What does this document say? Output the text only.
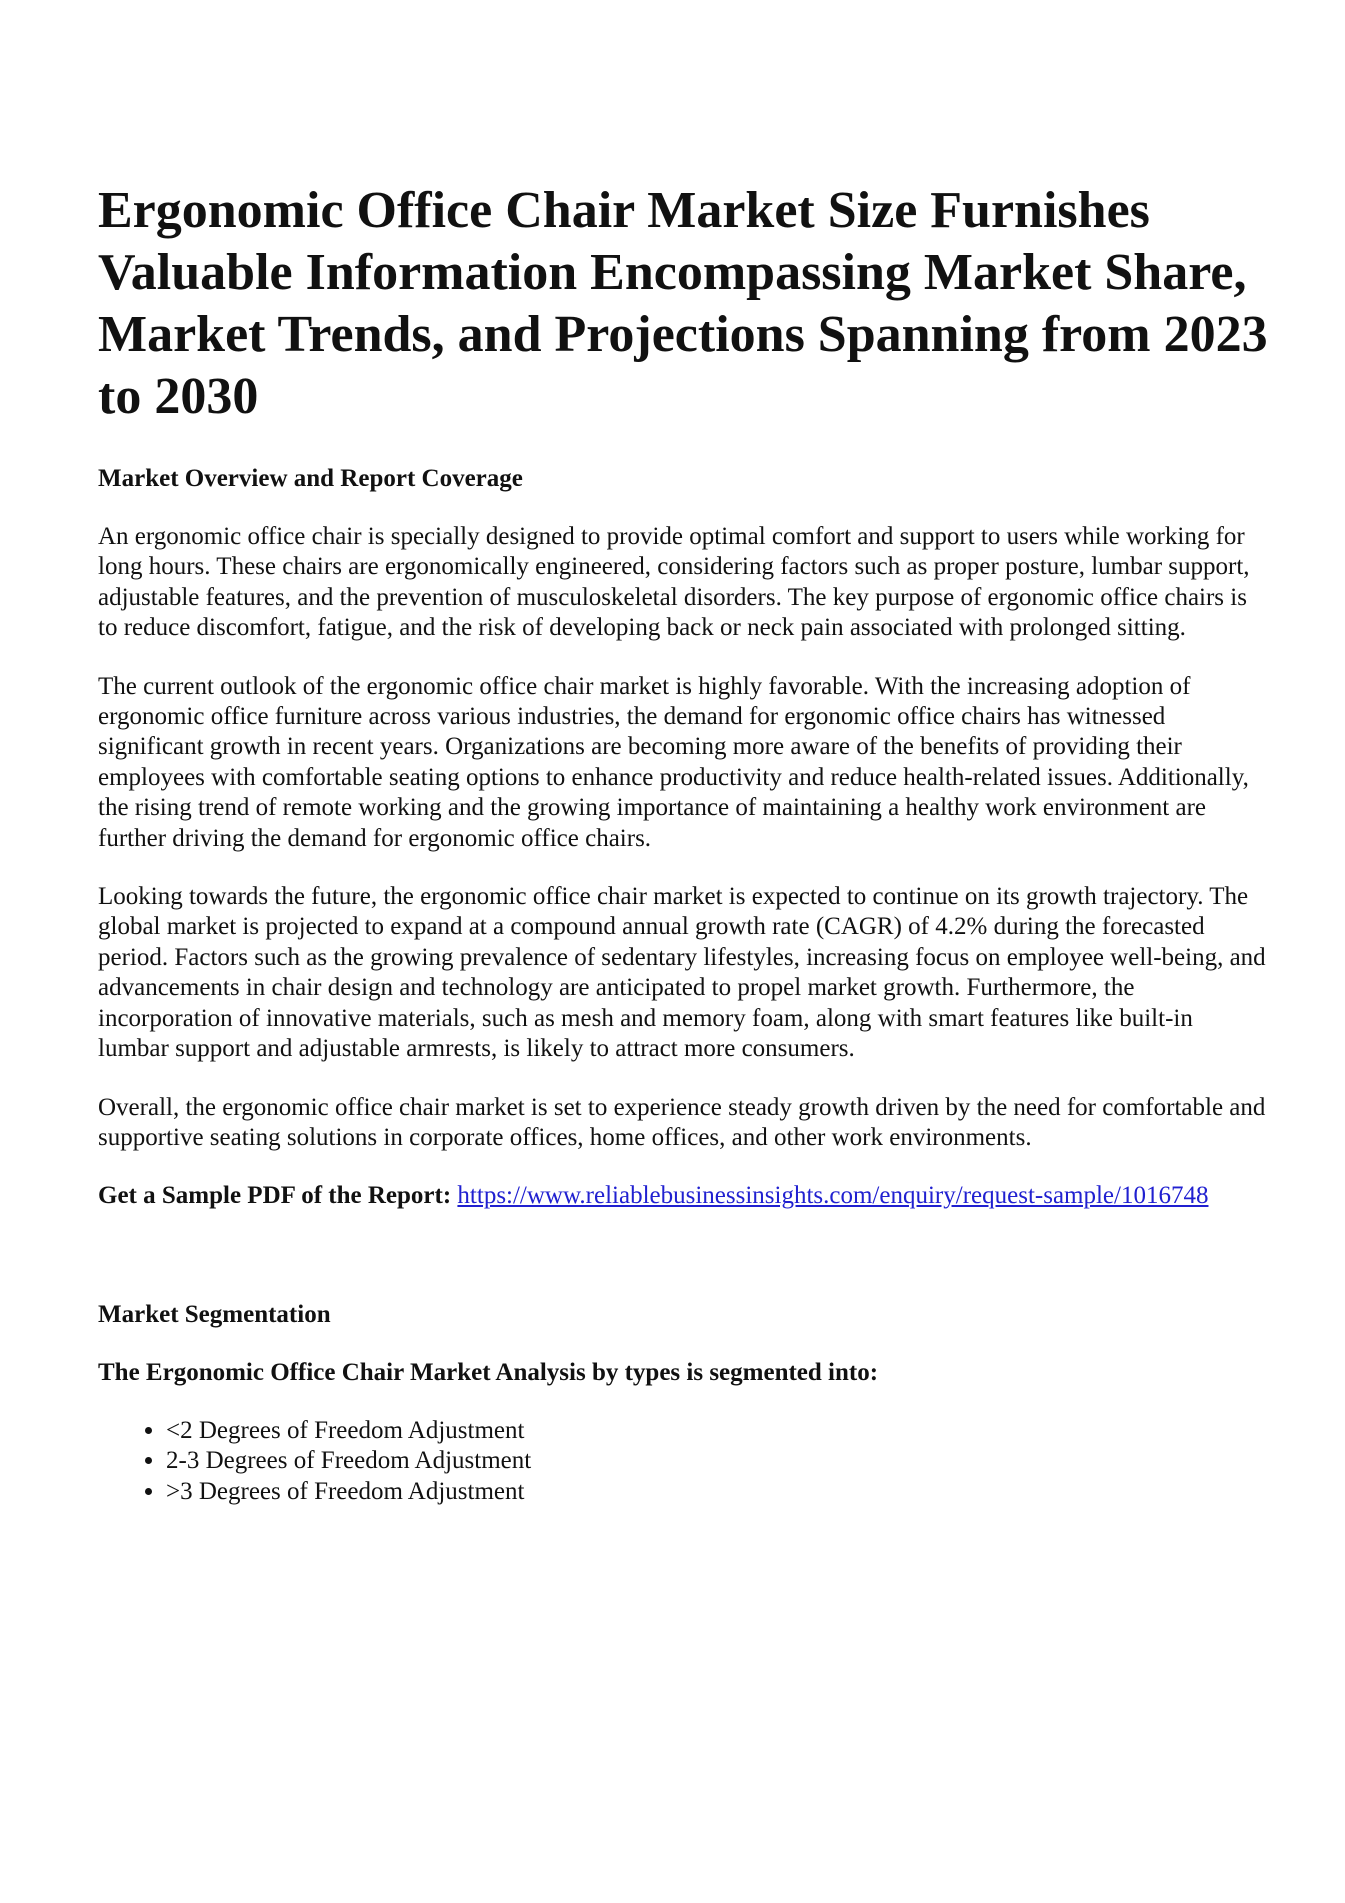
Ergonomic Office Chair Market Size Furnishes Valuable Information Encompassing Market Share, Market Trends, and Projections Spanning from 2023 to 2030
Market Overview and Report Coverage

An ergonomic office chair is specially designed to provide optimal comfort and support to users while working for long hours. These chairs are ergonomically engineered, considering factors such as proper posture, lumbar support, adjustable features, and the prevention of musculoskeletal disorders. The key purpose of ergonomic office chairs is to reduce discomfort, fatigue, and the risk of developing back or neck pain associated with prolonged sitting.

The current outlook of the ergonomic office chair market is highly favorable. With the increasing adoption of ergonomic office furniture across various industries, the demand for ergonomic office chairs has witnessed significant growth in recent years. Organizations are becoming more aware of the benefits of providing their employees with comfortable seating options to enhance productivity and reduce health-related issues. Additionally, the rising trend of remote working and the growing importance of maintaining a healthy work environment are further driving the demand for ergonomic office chairs.

Looking towards the future, the ergonomic office chair market is expected to continue on its growth trajectory. The global market is projected to expand at a compound annual growth rate (CAGR) of 4.2% during the forecasted period. Factors such as the growing prevalence of sedentary lifestyles, increasing focus on employee well-being, and advancements in chair design and technology are anticipated to propel market growth. Furthermore, the incorporation of innovative materials, such as mesh and memory foam, along with smart features like built-in lumbar support and adjustable armrests, is likely to attract more consumers.

Overall, the ergonomic office chair market is set to experience steady growth driven by the need for comfortable and supportive seating solutions in corporate offices, home offices, and other work environments.

Get a Sample PDF of the Report: https://www.reliablebusinessinsights.com/enquiry/request-sample/1016748

Market Segmentation
The Ergonomic Office Chair Market Analysis by types is segmented into:
• <2 Degrees of Freedom Adjustment
• 2-3 Degrees of Freedom Adjustment
• >3 Degrees of Freedom Adjustment
